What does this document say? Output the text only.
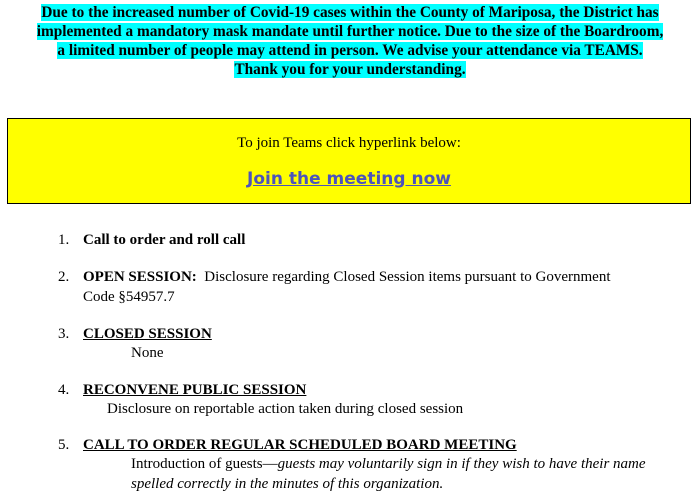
Due to the increased number of Covid-19 cases within the County of Mariposa, the District has
implemented a mandatory mask mandate until further notice. Due to the size of the Boardroom,
a limited number of people may attend in person. We advise your attendance via TEAMS.
Thank you for your understanding.
To join Teams click hyperlink below:
Join the meeting now
1. Call to order and roll call
2. OPEN SESSION: Disclosure regarding Closed Session items pursuant to Government
Code §54957.7
3. CLOSED SESSION
None
4. RECONVENE PUBLIC SESSION
Disclosure on reportable action taken during closed session
5. CALL TO ORDER REGULAR SCHEDULED BOARD MEETING
Introduction of guests—guests may voluntarily sign in if they wish to have their name
spelled correctly in the minutes of this organization.
